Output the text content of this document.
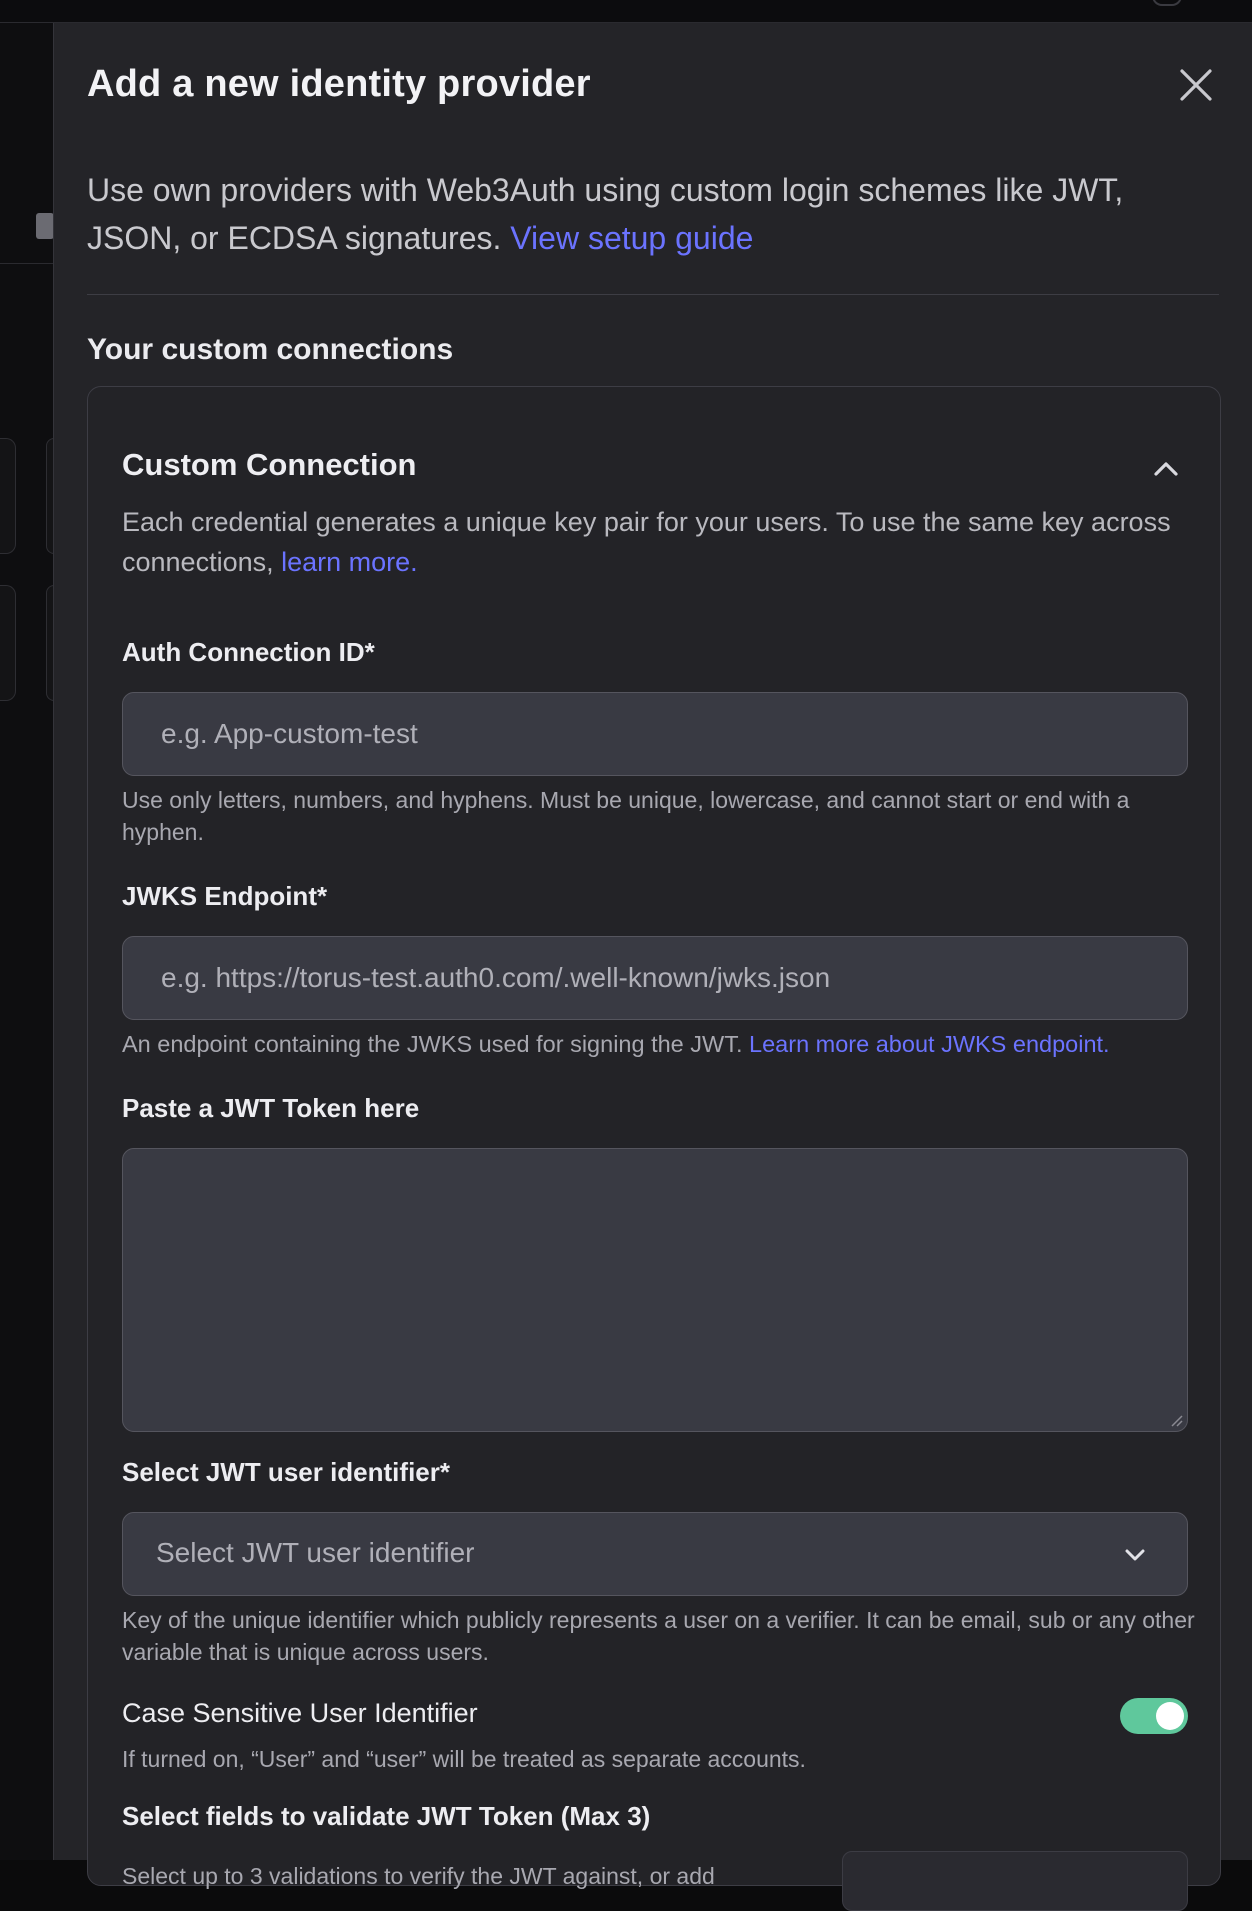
Add a new identity provider

Use own providers with Web3Auth using custom login schemes like JWT, JSON, or ECDSA signatures. View setup guide

Your custom connections
Custom Connection

Each credential generates a unique key pair for your users. To use the same key across connections, learn more.

Auth Connection ID*
e.g. App-custom-test

Use only letters, numbers, and hyphens. Must be unique, lowercase, and cannot start or end with a hyphen.

JWKS Endpoint*
e.g. https://torus-test.auth0.com/.well-known/jwks.json

An endpoint containing the JWKS used for signing the JWT. Learn more about JWKS endpoint.

Paste a JWT Token here
Select JWT user identifier*
Select JWT user identifier

Key of the unique identifier which publicly represents a user on a verifier. It can be email, sub or any other variable that is unique across users.

Case Sensitive User Identifier

If turned on, “User” and “user” will be treated as separate accounts.

Select fields to validate JWT Token (Max 3)

Select up to 3 validations to verify the JWT against, or add
